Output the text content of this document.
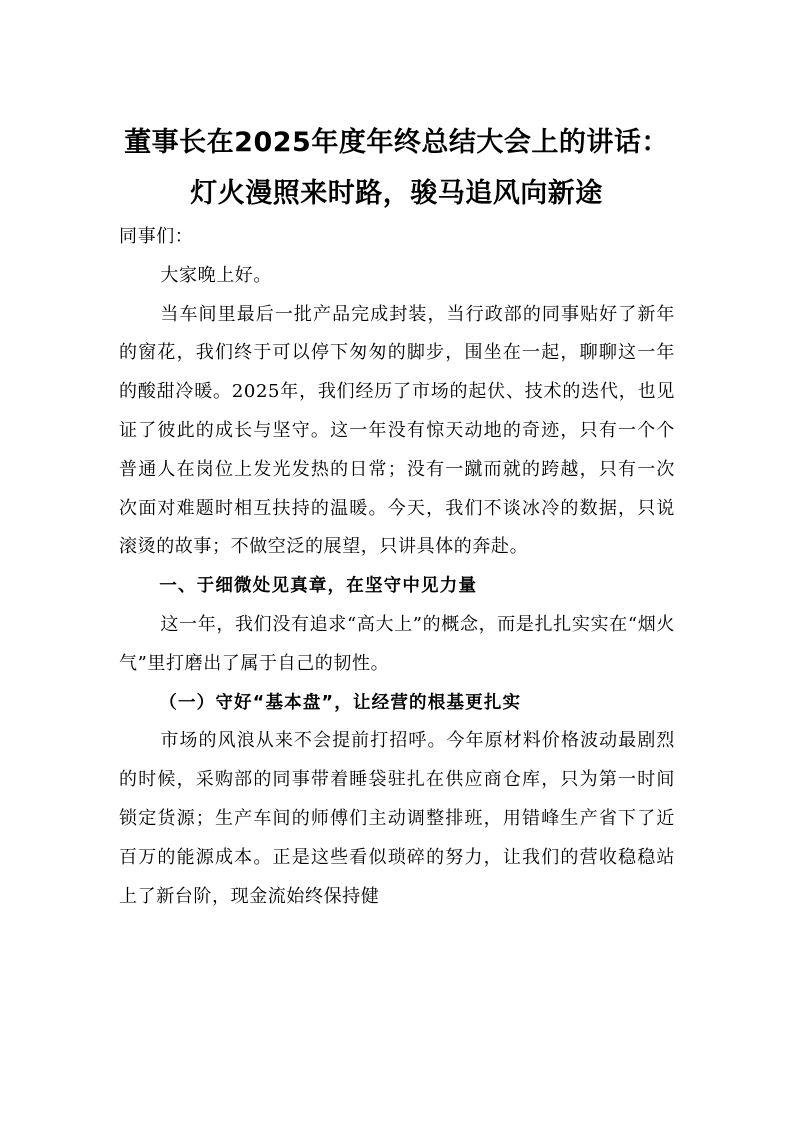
董事长在2025年度年终总结大会上的讲话：
灯火漫照来时路，骏马追风向新途

同事们：

大家晚上好。

当车间里最后一批产品完成封装，当行政部的同事贴好了新年的窗花，我们终于可以停下匆匆的脚步，围坐在一起，聊聊这一年的酸甜冷暖。2025年，我们经历了市场的起伏、技术的迭代，也见证了彼此的成长与坚守。这一年没有惊天动地的奇迹，只有一个个普通人在岗位上发光发热的日常；没有一蹴而就的跨越，只有一次次面对难题时相互扶持的温暖。今天，我们不谈冰冷的数据，只说滚烫的故事；不做空泛的展望，只讲具体的奔赴。

一、于细微处见真章，在坚守中见力量

这一年，我们没有追求“高大上”的概念，而是扎扎实实在“烟火气”里打磨出了属于自己的韧性。

（一）守好“基本盘”，让经营的根基更扎实

市场的风浪从来不会提前打招呼。今年原材料价格波动最剧烈的时候，采购部的同事带着睡袋驻扎在供应商仓库，只为第一时间锁定货源；生产车间的师傅们主动调整排班，用错峰生产省下了近百万的能源成本。正是这些看似琐碎的努力，让我们的营收稳稳站上了新台阶，现金流始终保持健
